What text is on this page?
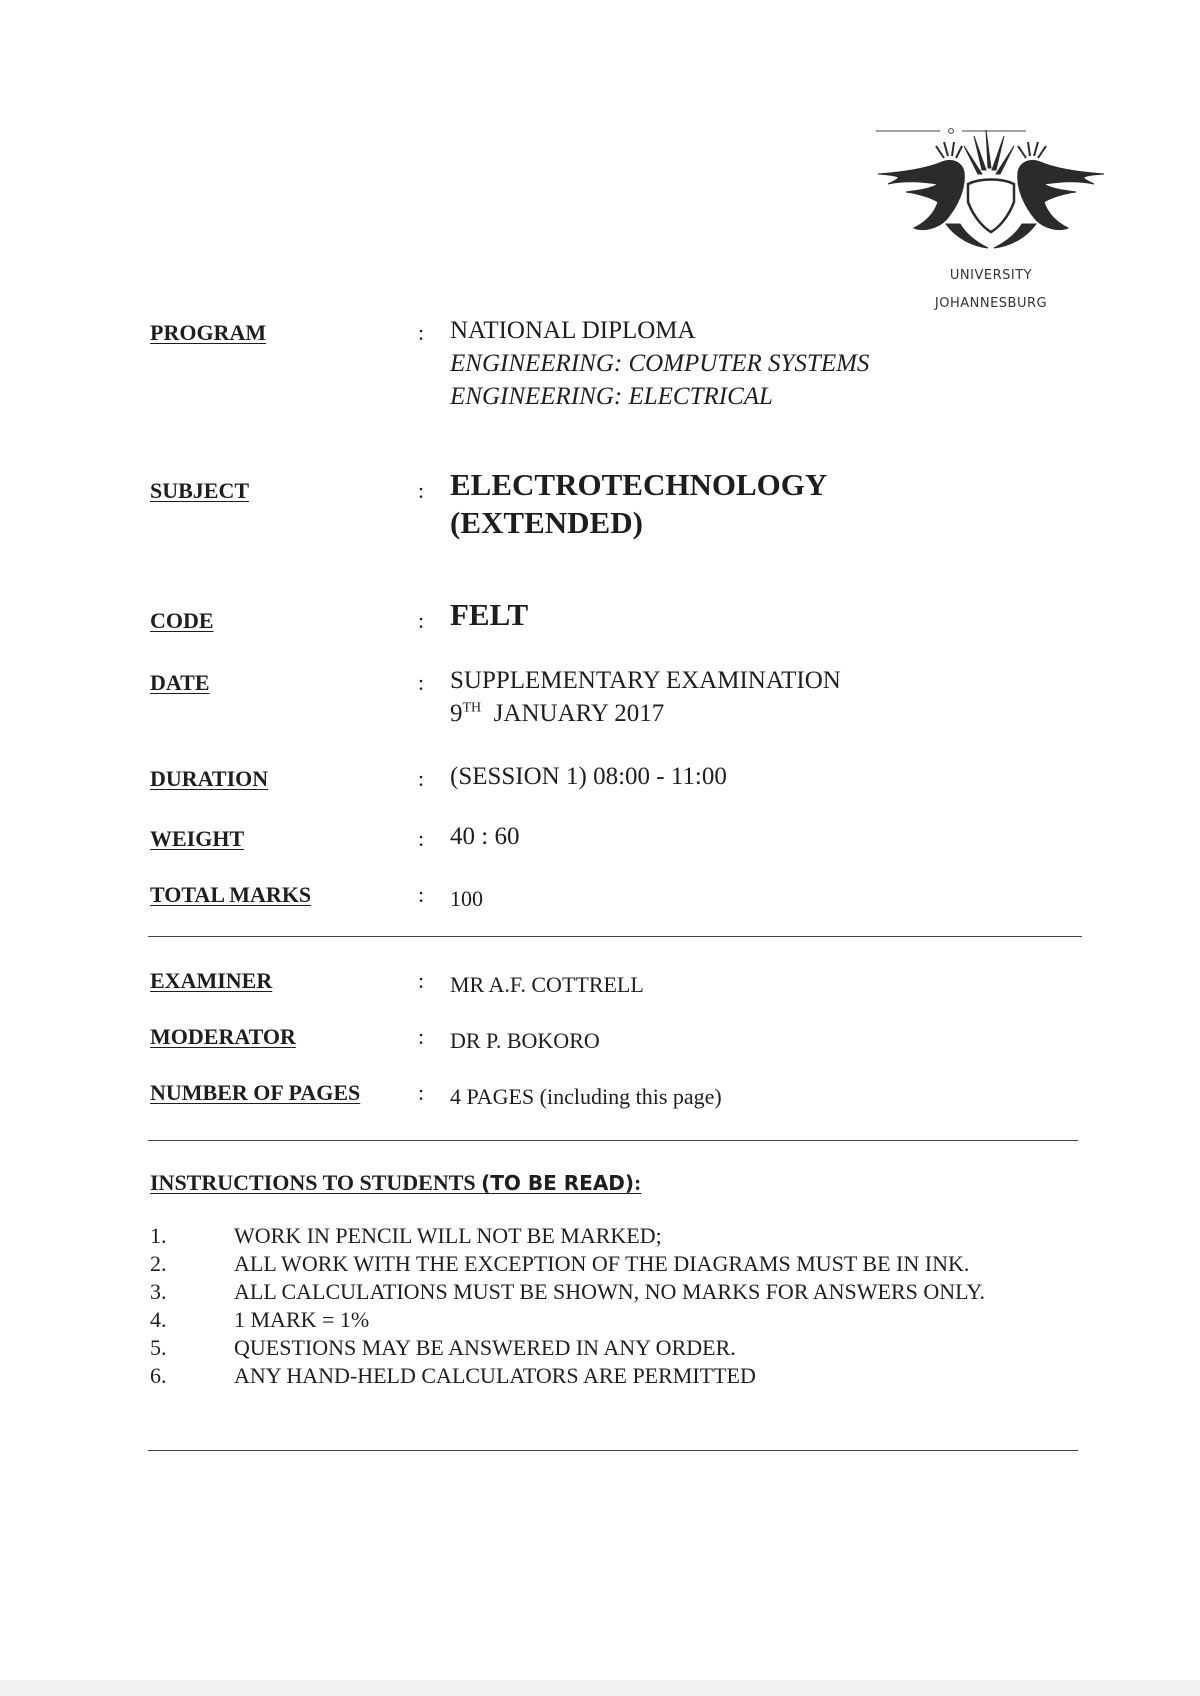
UNIVERSITY
JOHANNESBURG
PROGRAM	: NATIONAL DIPLOMA
ENGINEERING: COMPUTER SYSTEMS
ENGINEERING: ELECTRICAL
SUBJECT	: ELECTROTECHNOLOGY
(EXTENDED)
CODE	: FELT
DATE	: SUPPLEMENTARY EXAMINATION
9TH JANUARY 2017
DURATION	: (SESSION 1) 08:00 - 11:00
WEIGHT	: 40 : 60
TOTAL MARKS	: 100
EXAMINER	: MR A.F. COTTRELL
MODERATOR	: DR P. BOKORO
NUMBER OF PAGES	: 4 PAGES (including this page)
INSTRUCTIONS TO STUDENTS (TO BE READ):
1.	WORK IN PENCIL WILL NOT BE MARKED;
2.	ALL WORK WITH THE EXCEPTION OF THE DIAGRAMS MUST BE IN INK.
3.	ALL CALCULATIONS MUST BE SHOWN, NO MARKS FOR ANSWERS ONLY.
4.	1 MARK = 1%
5.	QUESTIONS MAY BE ANSWERED IN ANY ORDER.
6.	ANY HAND-HELD CALCULATORS ARE PERMITTED
